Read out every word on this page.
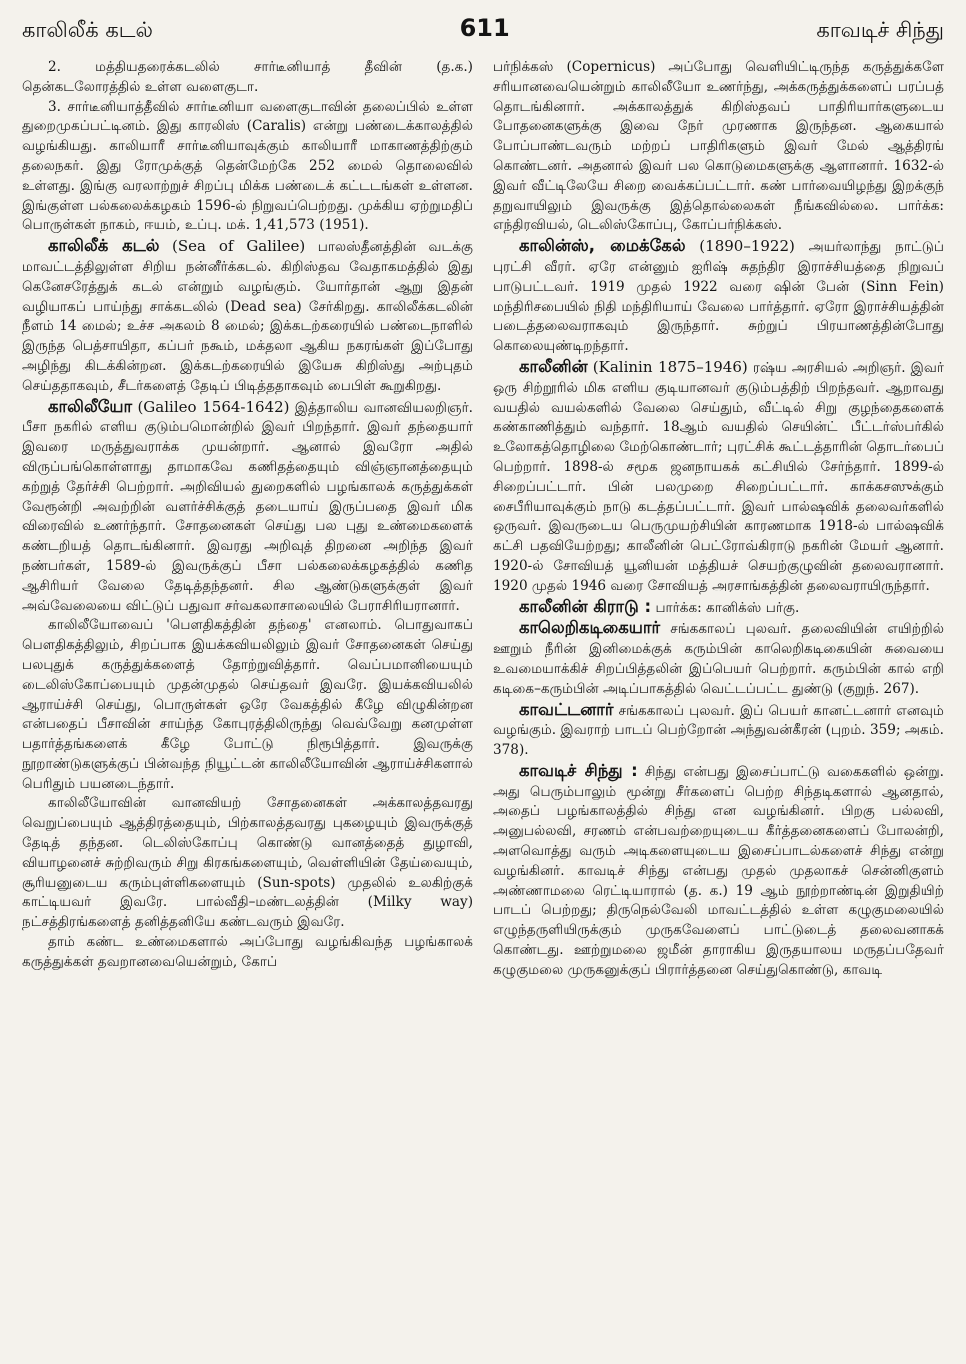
காலிலீக் கடல்	611	காவடிச் சிந்து

2. மத்தியதரைக்கடலில் சார்டீனியாத் தீவின் (த.க.) தென்கடலோரத்தில் உள்ள வளைகுடா.

3. சார்டீனியாத்தீவில் சார்டீனியா வளைகுடாவின் தலைப்பில் உள்ள துறைமுகப்பட்டினம். இது காரலிஸ் (Caralis) என்று பண்டைக்காலத்தில் வழங்கியது. காலியாரீ சார்டீனியாவுக்கும் காலியாரீ மாகாணத்திற்கும் தலைநகர். இது ரோமுக்குத் தென்மேற்கே 252 மைல் தொலைவில் உள்ளது. இங்கு வரலாற்றுச் சிறப்பு மிக்க பண்டைக் கட்டடங்கள் உள்ளன. இங்குள்ள பல்கலைக்கழகம் 1596-ல் நிறுவப்பெற்றது. முக்கிய ஏற்றுமதிப் பொருள்கள் நாகம், ஈயம், உப்பு. மக். 1,41,573 (1951).

காலிலீக் கடல் (Sea of Galilee) பாலஸ்தீனத்தின் வடக்கு மாவட்டத்திலுள்ள சிறிய நன்னீர்க்கடல். கிறிஸ்தவ வேதாகமத்தில் இது கெனேசரேத்துக் கடல் என்றும் வழங்கும். யோர்தான் ஆறு இதன் வழியாகப் பாய்ந்து சாக்கடலில் (Dead sea) சேர்கிறது. காலிலீக்கடலின் நீளம் 14 மைல்; உச்ச அகலம் 8 மைல்; இக்கடற்கரையில் பண்டைநாளில் இருந்த பெத்சாயிதா, கப்பர் நகூம், மக்தலா ஆகிய நகரங்கள் இப்போது அழிந்து கிடக்கின்றன. இக்கடற்கரையில் இயேசு கிறிஸ்து அற்புதம் செய்ததாகவும், சீடர்களைத் தேடிப் பிடித்ததாகவும் பைபிள் கூறுகிறது.

காலிலீயோ (Galileo 1564-1642) இத்தாலிய வானவியலறிஞர். பீசா நகரில் எளிய குடும்பமொன்றில் இவர் பிறந்தார். இவர் தந்தையார் இவரை மருத்துவராக்க முயன்றார். ஆனால் இவரோ அதில் விருப்பங்கொள்ளாது தாமாகவே கணிதத்தையும் விஞ்ஞானத்தையும் கற்றுத் தேர்ச்சி பெற்றார். அறிவியல் துறைகளில் பழங்காலக் கருத்துக்கள் வேரூன்றி அவற்றின் வளர்ச்சிக்குத் தடையாய் இருப்பதை இவர் மிக விரைவில் உணர்ந்தார். சோதனைகள் செய்து பல புது உண்மைகளைக் கண்டறியத் தொடங்கினார். இவரது அறிவுத் திறனை அறிந்த இவர் நண்பர்கள், 1589-ல் இவருக்குப் பீசா பல்கலைக்கழகத்தில் கணித ஆசிரியர் வேலை தேடித்தந்தனர். சில ஆண்டுகளுக்குள் இவர் அவ்வேலையை விட்டுப் பதுவா சர்வகலாசாலையில் பேராசிரியரானார்.

காலிலீயோவைப் 'பௌதிகத்தின் தந்தை' எனலாம். பொதுவாகப் பௌதிகத்திலும், சிறப்பாக இயக்கவியலிலும் இவர் சோதனைகள் செய்து பலபுதுக் கருத்துக்களைத் தோற்றுவித்தார். வெப்பமானியையும் டைலிஸ்கோப்பையும் முதன்முதல் செய்தவர் இவரே. இயக்கவியலில் ஆராய்ச்சி செய்து, பொருள்கள் ஒரே வேகத்தில் கீழே விழுகின்றன என்பதைப் பீசாவின் சாய்ந்த கோபுரத்திலிருந்து வெவ்வேறு கனமுள்ள பதார்த்தங்களைக் கீழே போட்டு நிரூபித்தார். இவருக்கு நூறாண்டுகளுக்குப் பின்வந்த நியூட்டன் காலிலீயோவின் ஆராய்ச்சிகளால் பெரிதும் பயனடைந்தார்.

காலிலீயோவின் வானவியற் சோதனைகள் அக்காலத்தவரது வெறுப்பையும் ஆத்திரத்தையும், பிற்காலத்தவரது புகழையும் இவருக்குத் தேடித் தந்தன. டெலிஸ்கோப்பு கொண்டு வானத்தைத் துழாவி, வியாழனைச் சுற்றிவரும் சிறு கிரகங்களையும், வெள்ளியின் தேய்வையும், சூரியனுடைய கரும்புள்ளிகளையும் (Sun-spots) முதலில் உலகிற்குக் காட்டியவர் இவரே. பால்வீதி–மண்டலத்தின் (Milky way) நட்சத்திரங்களைத் தனித்தனியே கண்டவரும் இவரே.

தாம் கண்ட உண்மைகளால் அப்போது வழங்கிவந்த பழங்காலக் கருத்துக்கள் தவறானவையென்றும், கோப்

பர்நிக்கஸ் (Copernicus) அப்போது வெளியிட்டிருந்த கருத்துக்களே சரியானவையென்றும் காலிலீயோ உணர்ந்து, அக்கருத்துக்களைப் பரப்பத் தொடங்கினார். அக்காலத்துக் கிறிஸ்தவப் பாதிரியார்களுடைய போதனைகளுக்கு இவை நேர் முரணாக இருந்தன. ஆகையால் போப்பாண்டவரும் மற்றப் பாதிரிகளும் இவர் மேல் ஆத்திரங் கொண்டனர். அதனால் இவர் பல கொடுமைகளுக்கு ஆளானார். 1632-ல் இவர் வீட்டிலேயே சிறை வைக்கப்பட்டார். கண் பார்வையிழந்து இறக்குந் தறுவாயிலும் இவருக்கு இத்தொல்லைகள் நீங்கவில்லை. பார்க்க: எந்திரவியல், டெலிஸ்கோப்பு, கோப்பர்நிக்கஸ்.

காலின்ஸ், மைக்கேல் (1890–1922) அயர்லாந்து நாட்டுப் புரட்சி வீரர். ஏரே என்னும் ஐரிஷ் சுதந்திர இராச்சியத்தை நிறுவப் பாடுபட்டவர். 1919 முதல் 1922 வரை ஷின் பேன் (Sinn Fein) மந்திரிசபையில் நிதி மந்திரியாய் வேலை பார்த்தார். ஏரோ இராச்சியத்தின் படைத்தலைவராகவும் இருந்தார். சுற்றுப் பிரயாணத்தின்போது கொலையுண்டிறந்தார்.

காலீனின் (Kalinin 1875–1946) ரஷ்ய அரசியல் அறிஞர். இவர் ஒரு சிற்றூரில் மிக எளிய குடியானவர் குடும்பத்திற் பிறந்தவர். ஆறாவது வயதில் வயல்களில் வேலை செய்தும், வீட்டில் சிறு குழந்தைகளைக் கண்காணித்தும் வந்தார். 18ஆம் வயதில் செயின்ட் பீட்டர்ஸ்பர்கில் உலோகத்தொழிலை மேற்கொண்டார்; புரட்சிக் கூட்டத்தாரின் தொடர்பைப் பெற்றார். 1898-ல் சமூக ஜனநாயகக் கட்சியில் சேர்ந்தார். 1899-ல் சிறைப்பட்டார். பின் பலமுறை சிறைப்பட்டார். காக்கசஸுக்கும் சைபீரியாவுக்கும் நாடு கடத்தப்பட்டார். இவர் பால்ஷவிக் தலைவர்களில் ஒருவர். இவருடைய பெருமுயற்சியின் காரணமாக 1918-ல் பால்ஷவிக் கட்சி பதவியேற்றது; காலீனின் பெட்ரோவ்கிராடு நகரின் மேயர் ஆனார். 1920-ல் சோவியத் யூனியன் மத்தியச் செயற்குழுவின் தலைவரானார். 1920 முதல் 1946 வரை சோவியத் அரசாங்கத்தின் தலைவராயிருந்தார்.

காலீனின் கிராடு : பார்க்க: கானிக்ஸ் பர்கு.

காலெறிகடிகையார் சங்ககாலப் புலவர். தலைவியின் எயிற்றில் ஊறும் நீரின் இனிமைக்குக் கரும்பின் காலெறிகடிகையின் சுவையை உவமையாக்கிச் சிறப்பித்தலின் இப்பெயர் பெற்றார். கரும்பின் கால் எறி கடிகை–கரும்பின் அடிப்பாகத்தில் வெட்டப்பட்ட துண்டு (குறுந். 267).

காவட்டனார் சங்ககாலப் புலவர். இப் பெயர் கானட்டனார் எனவும் வழங்கும். இவராற் பாடப் பெற்றோன் அந்துவன்கீரன் (புறம். 359; அகம். 378).

காவடிச் சிந்து : சிந்து என்பது இசைப்பாட்டு வகைகளில் ஒன்று. அது பெரும்பாலும் மூன்று சீர்களைப் பெற்ற சிந்தடிகளால் ஆனதால், அதைப் பழங்காலத்தில் சிந்து என வழங்கினர். பிறகு பல்லவி, அனுபல்லவி, சரணம் என்பவற்றையுடைய கீர்த்தனைகளைப் போலன்றி, அளவொத்து வரும் அடிகளையுடைய இசைப்பாடல்களைச் சிந்து என்று வழங்கினர். காவடிச் சிந்து என்பது முதல் முதலாகச் சென்னிகுளம் அண்ணாமலை ரெட்டியாரால் (த. க.) 19 ஆம் நூற்றாண்டின் இறுதியிற் பாடப் பெற்றது; திருநெல்வேலி மாவட்டத்தில் உள்ள கழுகுமலையில் எழுந்தருளியிருக்கும் முருகவேளைப் பாட்டுடைத் தலைவனாகக் கொண்டது. ஊற்றுமலை ஜமீன் தாராகிய இருதயாலய மருதப்பதேவர் கழுகுமலை முருகனுக்குப் பிரார்த்தனை செய்துகொண்டு, காவடி
